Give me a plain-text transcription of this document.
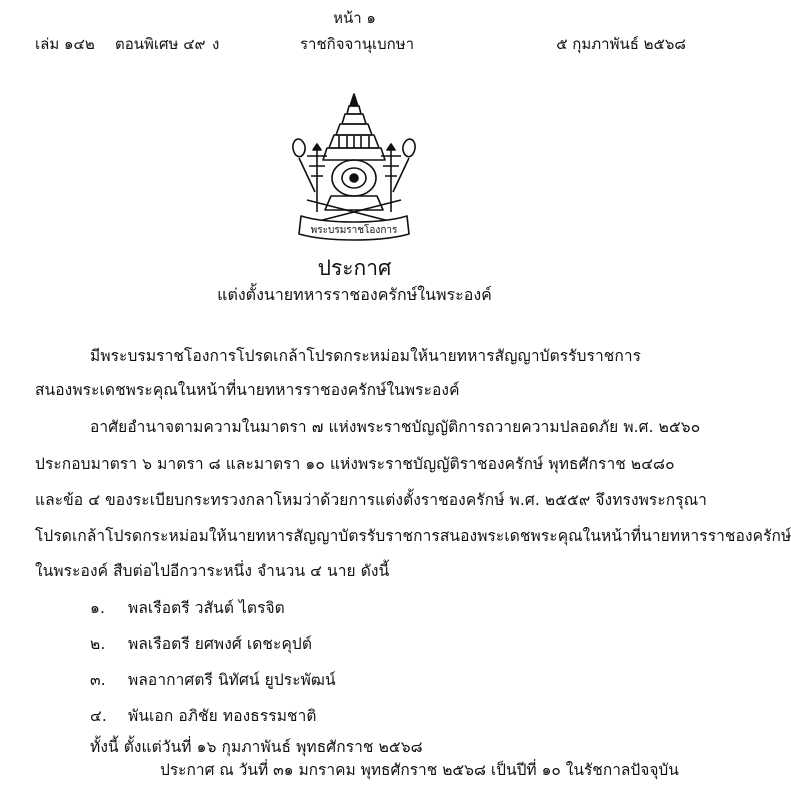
หน้า ๑
เล่ม ๑๔๒ ตอนพิเศษ ๔๙ ง	ราชกิจจานุเบกษา	๕ กุมภาพันธ์ ๒๕๖๘
พระบรมราชโองการ
ประกาศ
แต่งตั้งนายทหารราชองครักษ์ในพระองค์
มีพระบรมราชโองการโปรดเกล้าโปรดกระหม่อมให้นายทหารสัญญาบัตรรับราชการ
สนองพระเดชพระคุณในหน้าที่นายทหารราชองครักษ์ในพระองค์
อาศัยอำนาจตามความในมาตรา ๗ แห่งพระราชบัญญัติการถวายความปลอดภัย พ.ศ. ๒๕๖๐
ประกอบมาตรา ๖ มาตรา ๘ และมาตรา ๑๐ แห่งพระราชบัญญัติราชองครักษ์ พุทธศักราช ๒๔๘๐
และข้อ ๔ ของระเบียบกระทรวงกลาโหมว่าด้วยการแต่งตั้งราชองครักษ์ พ.ศ. ๒๕๕๙ จึงทรงพระกรุณา
โปรดเกล้าโปรดกระหม่อมให้นายทหารสัญญาบัตรรับราชการสนองพระเดชพระคุณในหน้าที่นายทหารราชองครักษ์
ในพระองค์ สืบต่อไปอีกวาระหนึ่ง จำนวน ๔ นาย ดังนี้
๑. พลเรือตรี วสันต์ ไตรจิต
๒. พลเรือตรี ยศพงศ์ เดชะคุปต์
๓. พลอากาศตรี นิทัศน์ ยูประพัฒน์
๔. พันเอก อภิชัย ทองธรรมชาติ
ทั้งนี้ ตั้งแต่วันที่ ๑๖ กุมภาพันธ์ พุทธศักราช ๒๕๖๘
ประกาศ ณ วันที่ ๓๑ มกราคม พุทธศักราช ๒๕๖๘ เป็นปีที่ ๑๐ ในรัชกาลปัจจุบัน
